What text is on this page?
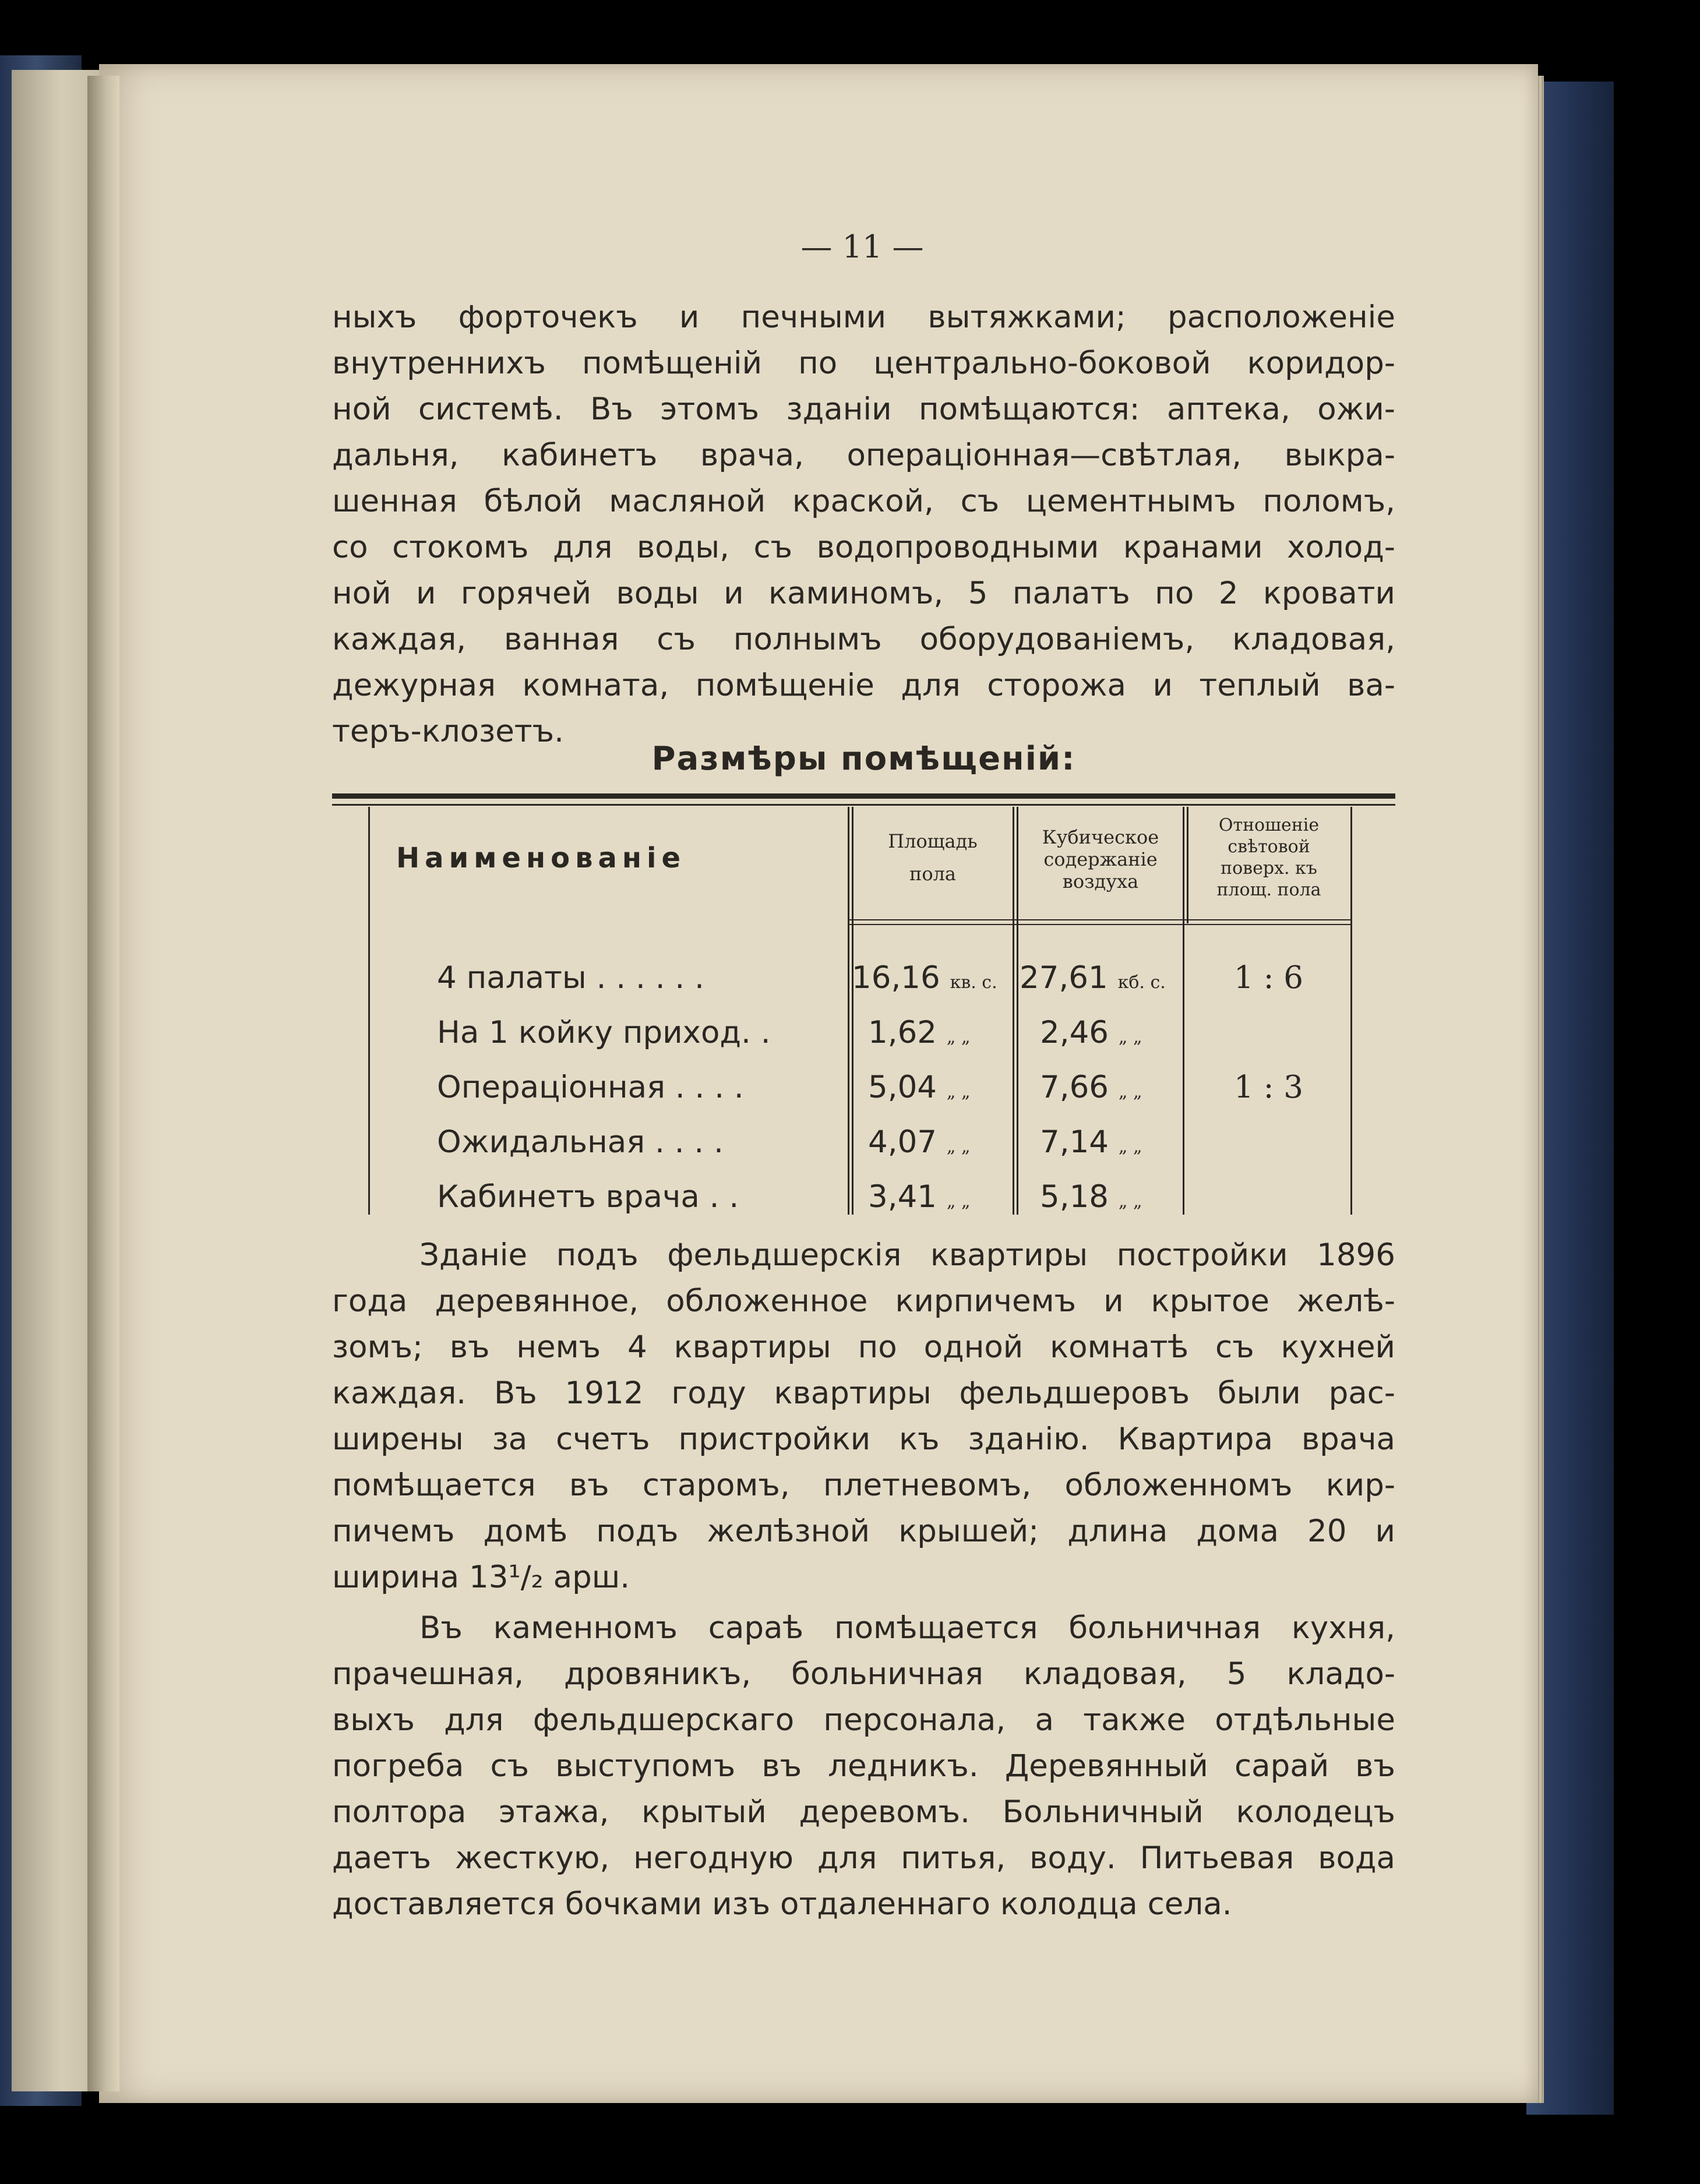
— 11 —
ныхъ форточекъ и печными вытяжками; расположенiе
внутреннихъ помѣщенiй по центрально-боковой коридор-
ной системѣ. Въ этомъ зданiи помѣщаются: аптека, ожи-
дальня, кабинетъ врача, операцiонная—свѣтлая, выкра-
шенная бѣлой масляной краской, съ цементнымъ поломъ,
со стокомъ для воды, съ водопроводными кранами холод-
ной и горячей воды и каминомъ, 5 палатъ по 2 кровати
каждая, ванная съ полнымъ оборудованiемъ, кладовая,
дежурная комната, помѣщенiе для сторожа и теплый ва-
теръ-клозетъ.
Размѣры помѣщенiй:
Наименованiе
Площадь
пола
Кубическое
содержанiе
воздуха
Отношенiе
свѣтовой
поверх. къ
площ. пола
4 палаты . . . . . .	16,16 кв. с. 27,61 кб. с. 1 : 6
На 1 койку приход. .	1,62 „ „ 2,46 „ „
Операцiонная . . . .	5,04 „ „ 7,66 „ „	1 : 3
Ожидальная . . . .	4,07 „ „ 7,14 „ „
Кабинетъ врача . .	3,41 „ „ 5,18 „ „
Зданiе подъ фельдшерскiя квартиры постройки 1896
года деревянное, обложенное кирпичемъ и крытое желѣ-
зомъ; въ немъ 4 квартиры по одной комнатѣ съ кухней
каждая. Въ 1912 году квартиры фельдшеровъ были рас-
ширены за счетъ пристройки къ зданiю. Квартира врача
помѣщается въ старомъ, плетневомъ, обложенномъ кир-
пичемъ домѣ подъ желѣзной крышей; длина дома 20 и
ширина 13¹/₂ арш.
Въ каменномъ сараѣ помѣщается больничная кухня,
прачешная, дровяникъ, больничная кладовая, 5 кладо-
выхъ для фельдшерскаго персонала, а также отдѣльные
погреба съ выступомъ въ ледникъ. Деревянный сарай въ
полтора этажа, крытый деревомъ. Больничный колодецъ
даетъ жесткую, негодную для питья, воду. Питьевая вода
доставляется бочками изъ отдаленнаго колодца села.
